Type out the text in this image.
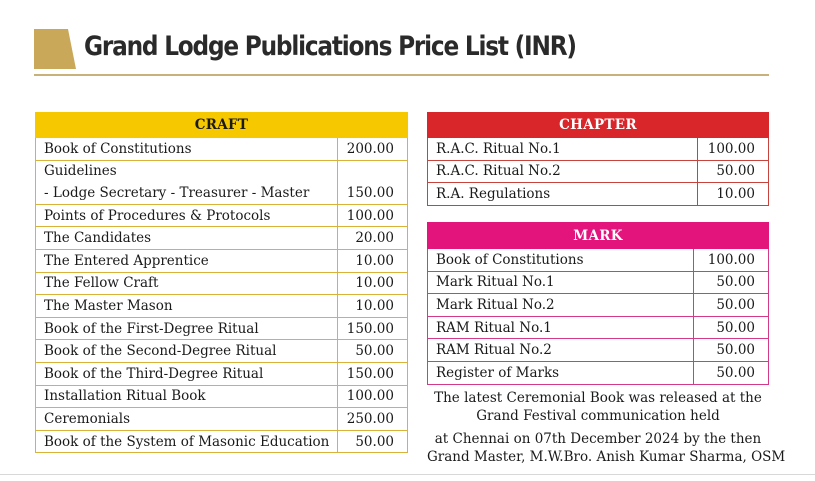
Grand Lodge Publications Price List (INR)
CRAFT	
Book of Constitutions	200.00
Guidelines	
- Lodge Secretary - Treasurer - Master	150.00
Points of Procedures & Protocols	100.00
The Candidates	20.00
The Entered Apprentice	10.00
The Fellow Craft	10.00
The Master Mason	10.00
Book of the First-Degree Ritual	150.00
Book of the Second-Degree Ritual	50.00
Book of the Third-Degree Ritual	150.00
Installation Ritual Book	100.00
Ceremonials	250.00
Book of the System of Masonic Education	50.00
CHAPTER	
R.A.C. Ritual No.1	100.00
R.A.C. Ritual No.2	50.00
R.A. Regulations	10.00
MARK	
Book of Constitutions	100.00
Mark Ritual No.1	50.00
Mark Ritual No.2	50.00
RAM Ritual No.1	50.00
RAM Ritual No.2	50.00
Register of Marks	50.00
The latest Ceremonial Book was released at the
Grand Festival communication held
at Chennai on 07th December 2024 by the then
Grand Master, M.W.Bro. Anish Kumar Sharma, OSM
